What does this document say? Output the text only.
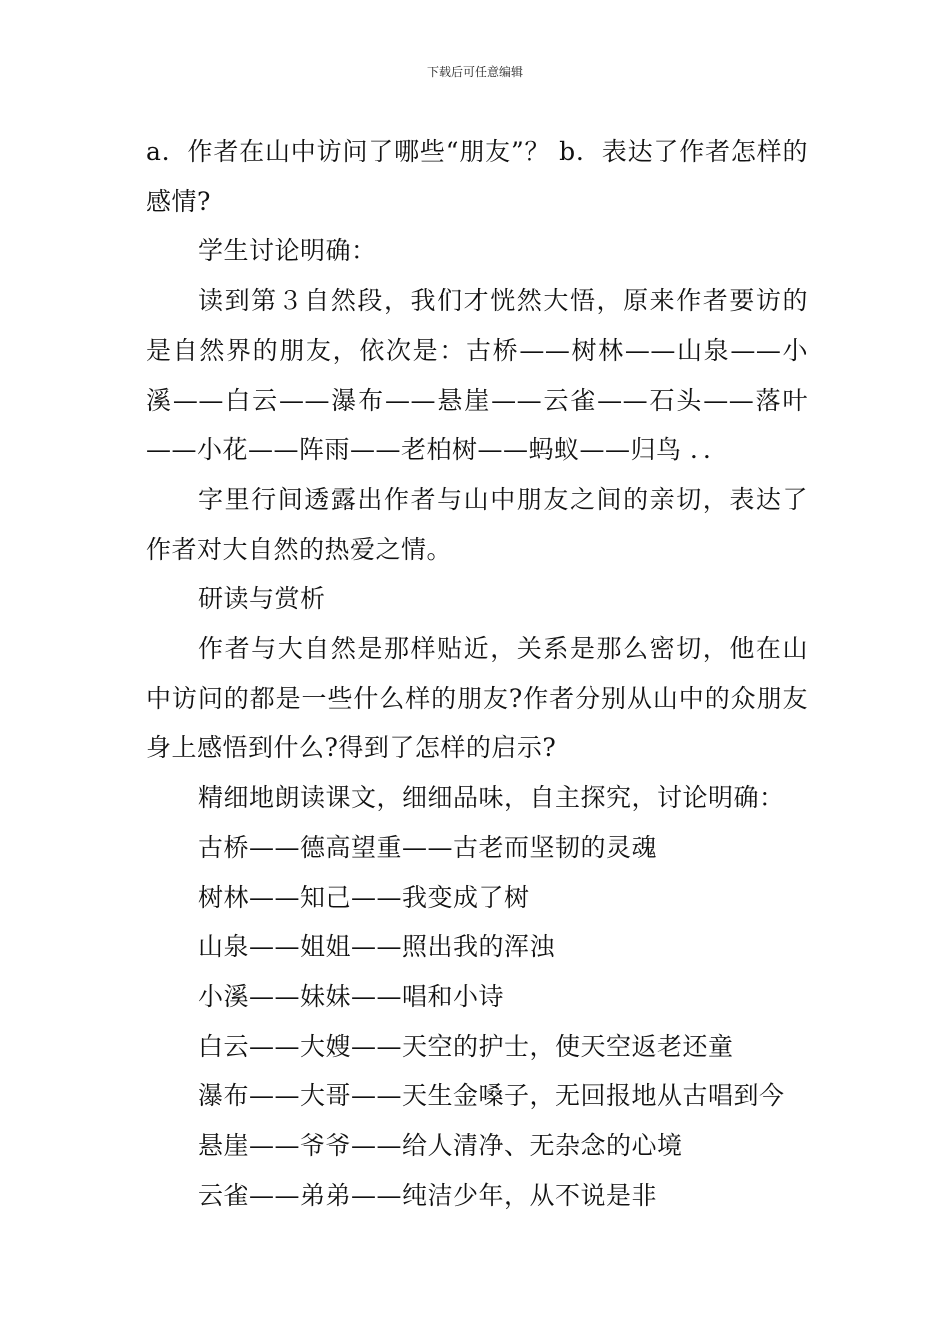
下载后可任意编辑

a．作者在山中访问了哪些“朋友”？ b．表达了作者怎样的感情?

学生讨论明确：

读到第３自然段，我们才恍然大悟，原来作者要访的是自然界的朋友，依次是：古桥——树林——山泉——小溪——白云——瀑布——悬崖——云雀——石头——落叶——小花——阵雨——老柏树——蚂蚁——归鸟 ．．

字里行间透露出作者与山中朋友之间的亲切，表达了作者对大自然的热爱之情。

研读与赏析

作者与大自然是那样贴近，关系是那么密切，他在山中访问的都是一些什么样的朋友?作者分别从山中的众朋友身上感悟到什么?得到了怎样的启示?

精细地朗读课文，细细品味，自主探究，讨论明确：

古桥——德高望重——古老而坚韧的灵魂

树林——知己——我变成了树

山泉——姐姐——照出我的浑浊

小溪——妹妹——唱和小诗

白云——大嫂——天空的护士，使天空返老还童

瀑布——大哥——天生金嗓子，无回报地从古唱到今

悬崖——爷爷——给人清净、无杂念的心境

云雀——弟弟——纯洁少年，从不说是非
